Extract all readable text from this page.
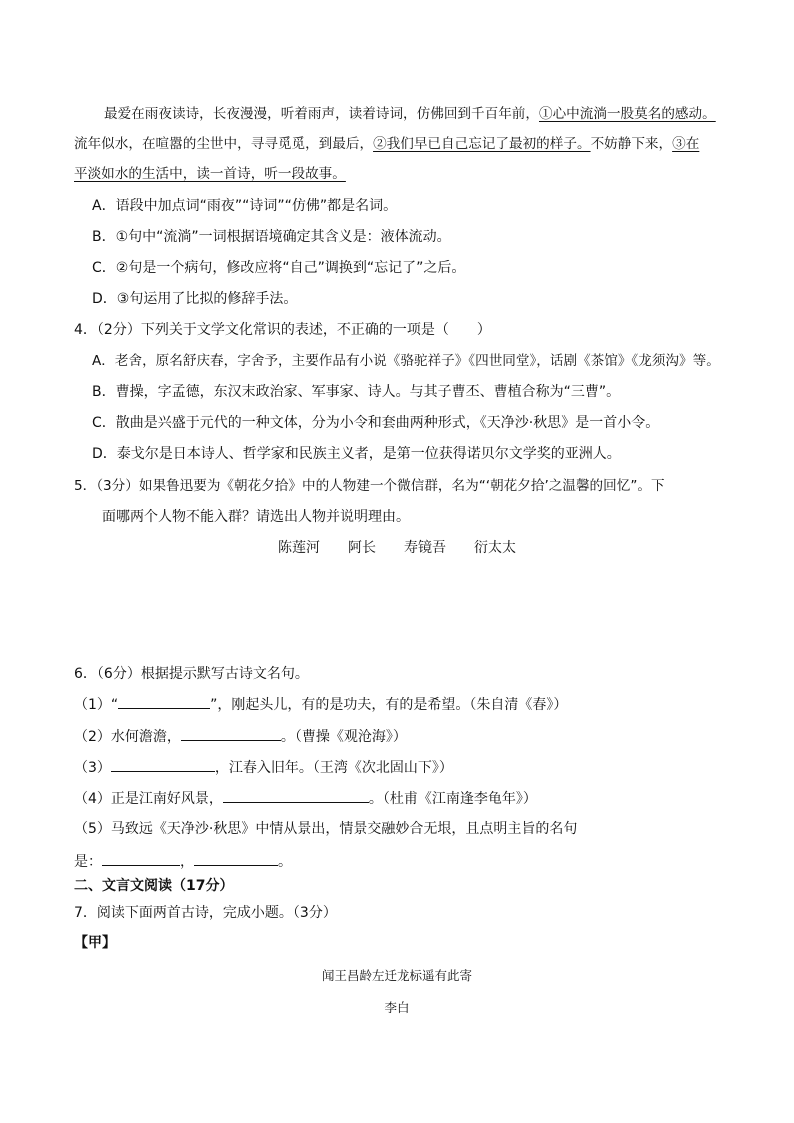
最爱在雨夜读诗，长夜漫漫，听着雨声，读着诗词，仿佛回到千百年前，①心中流淌一股莫名的感动。
流年似水，在喧嚣的尘世中，寻寻觅觅，到最后，②我们早已自己忘记了最初的样子。不妨静下来，③在
平淡如水的生活中，读一首诗，听一段故事。
A．语段中加点词“雨夜”“诗词”“仿佛”都是名词。
B．①句中“流淌”一词根据语境确定其含义是：液体流动。
C．②句是一个病句，修改应将“自己”调换到“忘记了”之后。
D．③句运用了比拟的修辞手法。
4．（2分）下列关于文学文化常识的表述，不正确的一项是（　　）
A．老舍，原名舒庆春，字舍予，主要作品有小说《骆驼祥子》《四世同堂》，话剧《茶馆》《龙须沟》等。
B．曹操，字孟德，东汉末政治家、军事家、诗人。与其子曹丕、曹植合称为“三曹”。
C．散曲是兴盛于元代的一种文体，分为小令和套曲两种形式，《天净沙·秋思》是一首小令。
D．泰戈尔是日本诗人、哲学家和民族主义者，是第一位获得诺贝尔文学奖的亚洲人。
5．（3分）如果鲁迅要为《朝花夕拾》中的人物建一个微信群，名为“‘朝花夕拾’之温馨的回忆”。下
面哪两个人物不能入群？请选出人物并说明理由。
陈莲河 阿长 寿镜吾 衍太太
6．（6分）根据提示默写古诗文名句。
（1）“	”，刚起头儿，有的是功夫，有的是希望。（朱自清《春》）
（2）水何澹澹，	。（曹操《观沧海》）
（3）	，江春入旧年。（王湾《次北固山下》）
（4）正是江南好风景，	。（杜甫《江南逢李龟年》）
（5）马致远《天净沙·秋思》中情从景出，情景交融妙合无垠，且点明主旨的名句
是：	，	。
二、文言文阅读（17分）
7．阅读下面两首古诗，完成小题。（3分）
【甲】
闻王昌龄左迁龙标遥有此寄
李白
